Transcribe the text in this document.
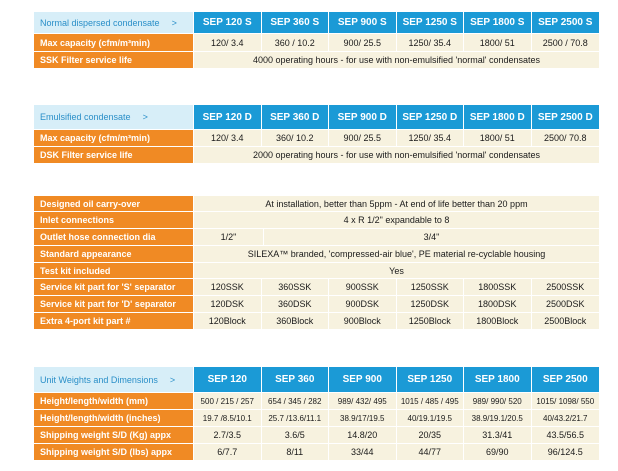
Normal dispersed condensate >	SEP 120 S	SEP 360 S	SEP 900 S	SEP 1250 S	SEP 1800 S	SEP 2500 S
Max capacity (cfm/m³min)	120/ 3.4	360 / 10.2	900/ 25.5	1250/ 35.4	1800/ 51	2500 / 70.8
SSK Filter service life	4000 operating hours - for use with non-emulsified 'normal' condensates
Emulsified condensate >	SEP 120 D	SEP 360 D	SEP 900 D	SEP 1250 D	SEP 1800 D	SEP 2500 D
Max capacity (cfm/m³min)	120/ 3.4	360/ 10.2	900/ 25.5	1250/ 35.4	1800/ 51	2500/ 70.8
DSK Filter service life	2000 operating hours - for use with non-emulsified 'normal' condensates
Designed oil carry-over	At installation, better than 5ppm - At end of life better than 20 ppm
Inlet connections	4 x R 1/2" expandable to 8
Outlet hose connection dia	1/2"	3/4"
Standard appearance	SILEXA™ branded, 'compressed-air blue', PE material re-cyclable housing
Test kit included	Yes
Service kit part for 'S' separator	120SSK	360SSK	900SSK	1250SSK	1800SSK	2500SSK
Service kit part for 'D' separator	120DSK	360DSK	900DSK	1250DSK	1800DSK	2500DSK
Extra 4-port kit part #	120Block	360Block	900Block	1250Block	1800Block	2500Block
Unit Weights and Dimensions >	SEP 120	SEP 360	SEP 900	SEP 1250	SEP 1800	SEP 2500
Height/length/width (mm)	500 / 215 / 257	654 / 345 / 282	989/ 432/ 495	1015 / 485 / 495	989/ 990/ 520	1015/ 1098/ 550
Height/length/width (inches)	19.7 /8.5/10.1	25.7 /13.6/11.1	38.9/17/19.5	40/19.1/19.5	38.9/19.1/20.5	40/43.2/21.7
Shipping weight S/D (Kg) appx	2.7/3.5	3.6/5	14.8/20	20/35	31.3/41	43.5/56.5
Shipping weight S/D (lbs) appx	6/7.7	8/11	33/44	44/77	69/90	96/124.5
